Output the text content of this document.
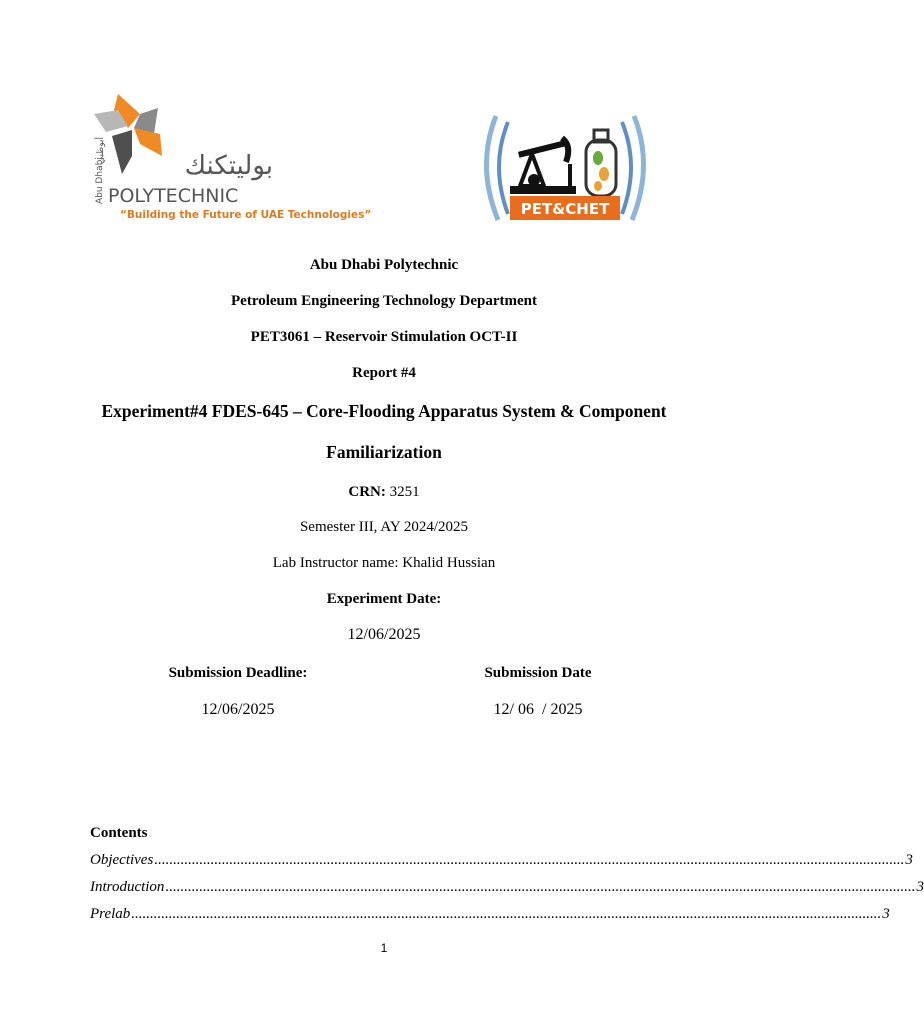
Abu Dhabi
أبوظبي
بوليتكنك
POLYTECHNIC
“Building the Future of UAE Technologies”	PET&CHET
Abu Dhabi Polytechnic
Petroleum Engineering Technology Department
PET3061 – Reservoir Stimulation OCT-II
Report #4
Experiment#4 FDES-645 – Core-Flooding Apparatus System & Component
Familiarization
CRN: 3251
Semester III, AY 2024/2025
Lab Instructor name: Khalid Hussian
Experiment Date:
12/06/2025
Submission Deadline:	Submission Date
12/06/2025	12/ 06  / 2025
Contents
Objectives .....	3
Introduction .....	3
Prelab .....	3
1
